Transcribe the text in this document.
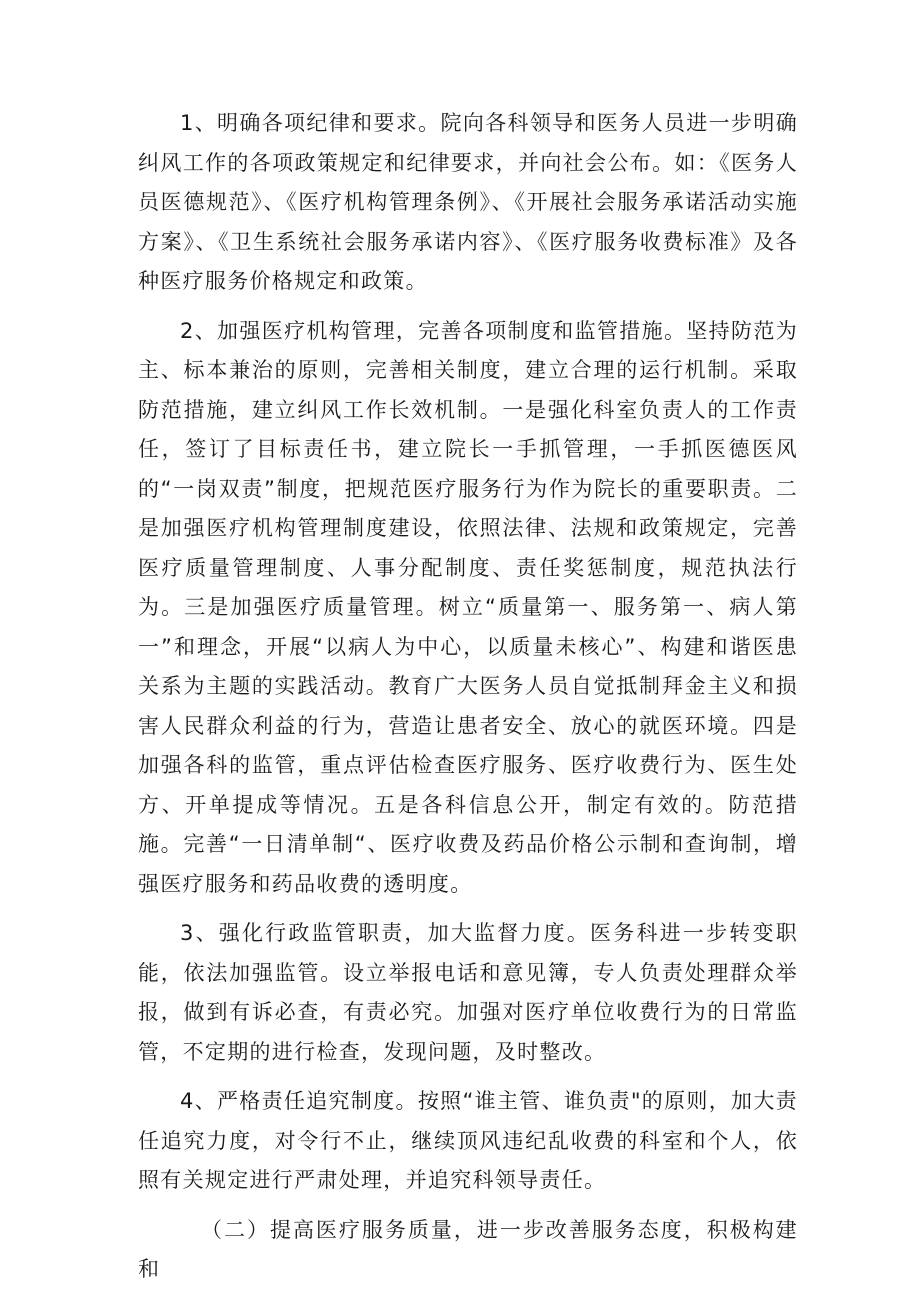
1、明确各项纪律和要求。院向各科领导和医务人员进一步明确纠风工作的各项政策规定和纪律要求，并向社会公布。如：《医务人员医德规范》、《医疗机构管理条例》、《开展社会服务承诺活动实施方案》、《卫生系统社会服务承诺内容》、《医疗服务收费标准》及各种医疗服务价格规定和政策。

2、加强医疗机构管理，完善各项制度和监管措施。坚持防范为主、标本兼治的原则，完善相关制度，建立合理的运行机制。采取防范措施，建立纠风工作长效机制。一是强化科室负责人的工作责任，签订了目标责任书，建立院长一手抓管理，一手抓医德医风的“一岗双责”制度，把规范医疗服务行为作为院长的重要职责。二是加强医疗机构管理制度建设，依照法律、法规和政策规定，完善医疗质量管理制度、人事分配制度、责任奖惩制度，规范执法行为。三是加强医疗质量管理。树立“质量第一、服务第一、病人第一”和理念，开展“以病人为中心，以质量未核心”、构建和谐医患关系为主题的实践活动。教育广大医务人员自觉抵制拜金主义和损害人民群众利益的行为，营造让患者安全、放心的就医环境。四是加强各科的监管，重点评估检查医疗服务、医疗收费行为、医生处方、开单提成等情况。五是各科信息公开，制定有效的。防范措施。完善“一日清单制“、医疗收费及药品价格公示制和查询制，增强医疗服务和药品收费的透明度。

3、强化行政监管职责，加大监督力度。医务科进一步转变职能，依法加强监管。设立举报电话和意见簿，专人负责处理群众举报，做到有诉必查，有责必究。加强对医疗单位收费行为的日常监管，不定期的进行检查，发现问题，及时整改。

4、严格责任追究制度。按照“谁主管、谁负责"的原则，加大责任追究力度，对令行不止，继续顶风违纪乱收费的科室和个人，依照有关规定进行严肃处理，并追究科领导责任。

（二）提高医疗服务质量，进一步改善服务态度，积极构建和
